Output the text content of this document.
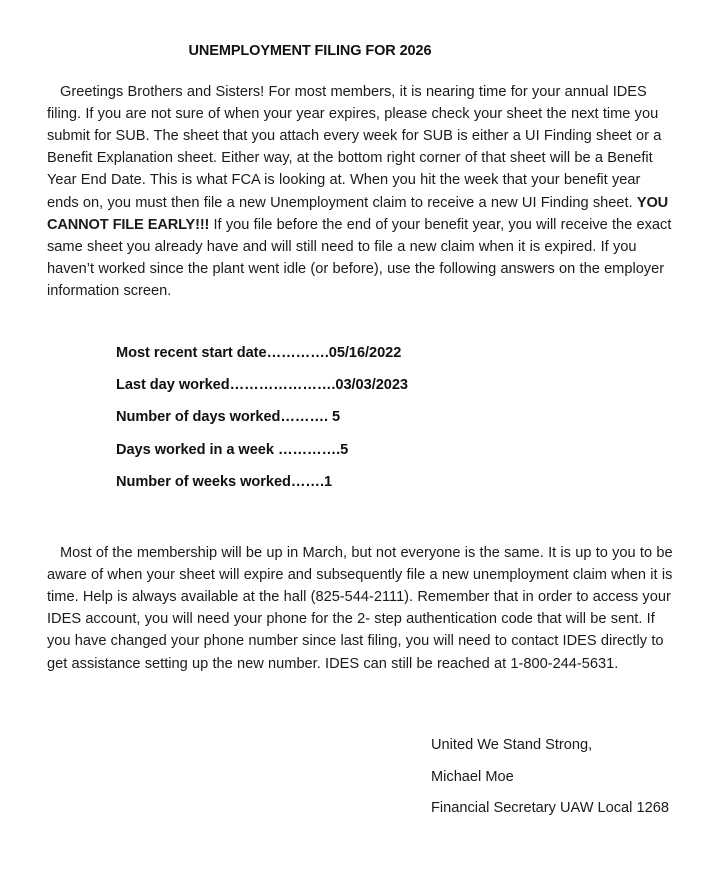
UNEMPLOYMENT FILING FOR 2026

Greetings Brothers and Sisters! For most members, it is nearing time for your annual IDES filing. If you are not sure of when your year expires, please check your sheet the next time you submit for SUB. The sheet that you attach every week for SUB is either a UI Finding sheet or a Benefit Explanation sheet. Either way, at the bottom right corner of that sheet will be a Benefit Year End Date. This is what FCA is looking at. When you hit the week that your benefit year ends on, you must then file a new Unemployment claim to receive a new UI Finding sheet. YOU CANNOT FILE EARLY!!! If you file before the end of your benefit year, you will receive the exact same sheet you already have and will still need to file a new claim when it is expired. If you haven’t worked since the plant went idle (or before), use the following answers on the employer information screen.

Most recent start date………….05/16/2022
Last day worked………………….03/03/2023
Number of days worked………. 5
Days worked in a week ………….5
Number of weeks worked…….1

Most of the membership will be up in March, but not everyone is the same. It is up to you to be aware of when your sheet will expire and subsequently file a new unemployment claim when it is time. Help is always available at the hall (825-544-2111). Remember that in order to access your IDES account, you will need your phone for the 2- step authentication code that will be sent. If you have changed your phone number since last filing, you will need to contact IDES directly to get assistance setting up the new number. IDES can still be reached at 1-800-244-5631.

United We Stand Strong,
Michael Moe
Financial Secretary UAW Local 1268
